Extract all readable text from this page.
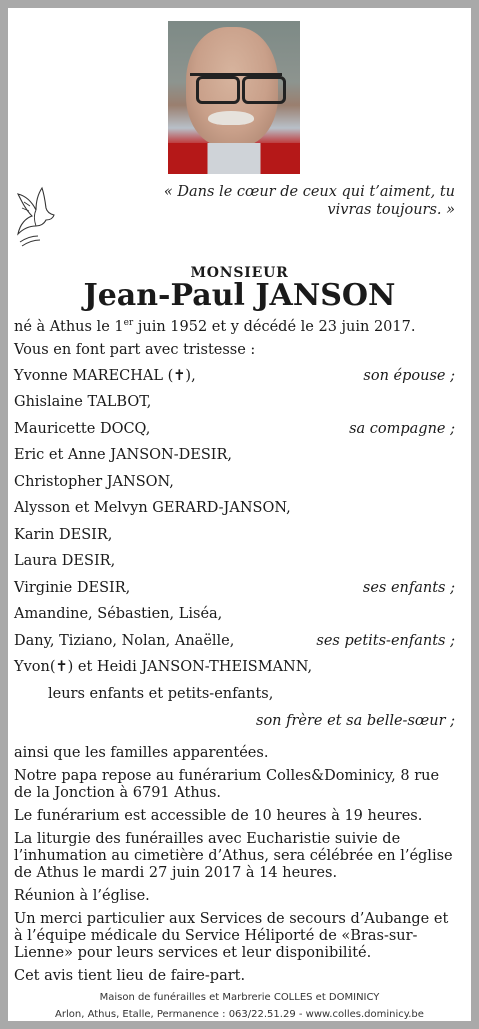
« Dans le cœur de ceux qui t’aiment, tu vivras toujours. »
MONSIEUR
Jean-Paul JANSON
né à Athus le 1er juin 1952 et y décédé le 23 juin 2017.
Vous en font part avec tristesse :
Yvonne MARECHAL (✝),	son épouse ;
Ghislaine TALBOT,
Mauricette DOCQ,	sa compagne ;
Eric et Anne JANSON-DESIR,
Christopher JANSON,
Alysson et Melvyn GERARD-JANSON,
Karin DESIR,
Laura DESIR,
Virginie DESIR,	ses enfants ;
Amandine, Sébastien, Liséa,
Dany, Tiziano, Nolan, Anaëlle,	ses petits-enfants ;
Yvon(✝) et Heidi JANSON-THEISMANN,
leurs enfants et petits-enfants,
son frère et sa belle-sœur ;
ainsi que les familles apparentées.
Notre papa repose au funérarium Colles&Dominicy, 8 rue de la Jonction à 6791 Athus.
Le funérarium est accessible de 10 heures à 19 heures.
La liturgie des funérailles avec Eucharistie suivie de l’inhumation au cimetière d’Athus, sera célébrée en l’église de Athus le mardi 27 juin 2017 à 14 heures.
Réunion à l’église.
Un merci particulier aux Services de secours d’Aubange et à l’équipe médicale du Service Héliporté de «Bras-sur- Lienne» pour leurs services et leur disponibilité.
Cet avis tient lieu de faire-part.
Maison de funérailles et Marbrerie COLLES et DOMINICY
Arlon, Athus, Etalle, Permanence : 063/22.51.29 - www.colles.dominicy.be
